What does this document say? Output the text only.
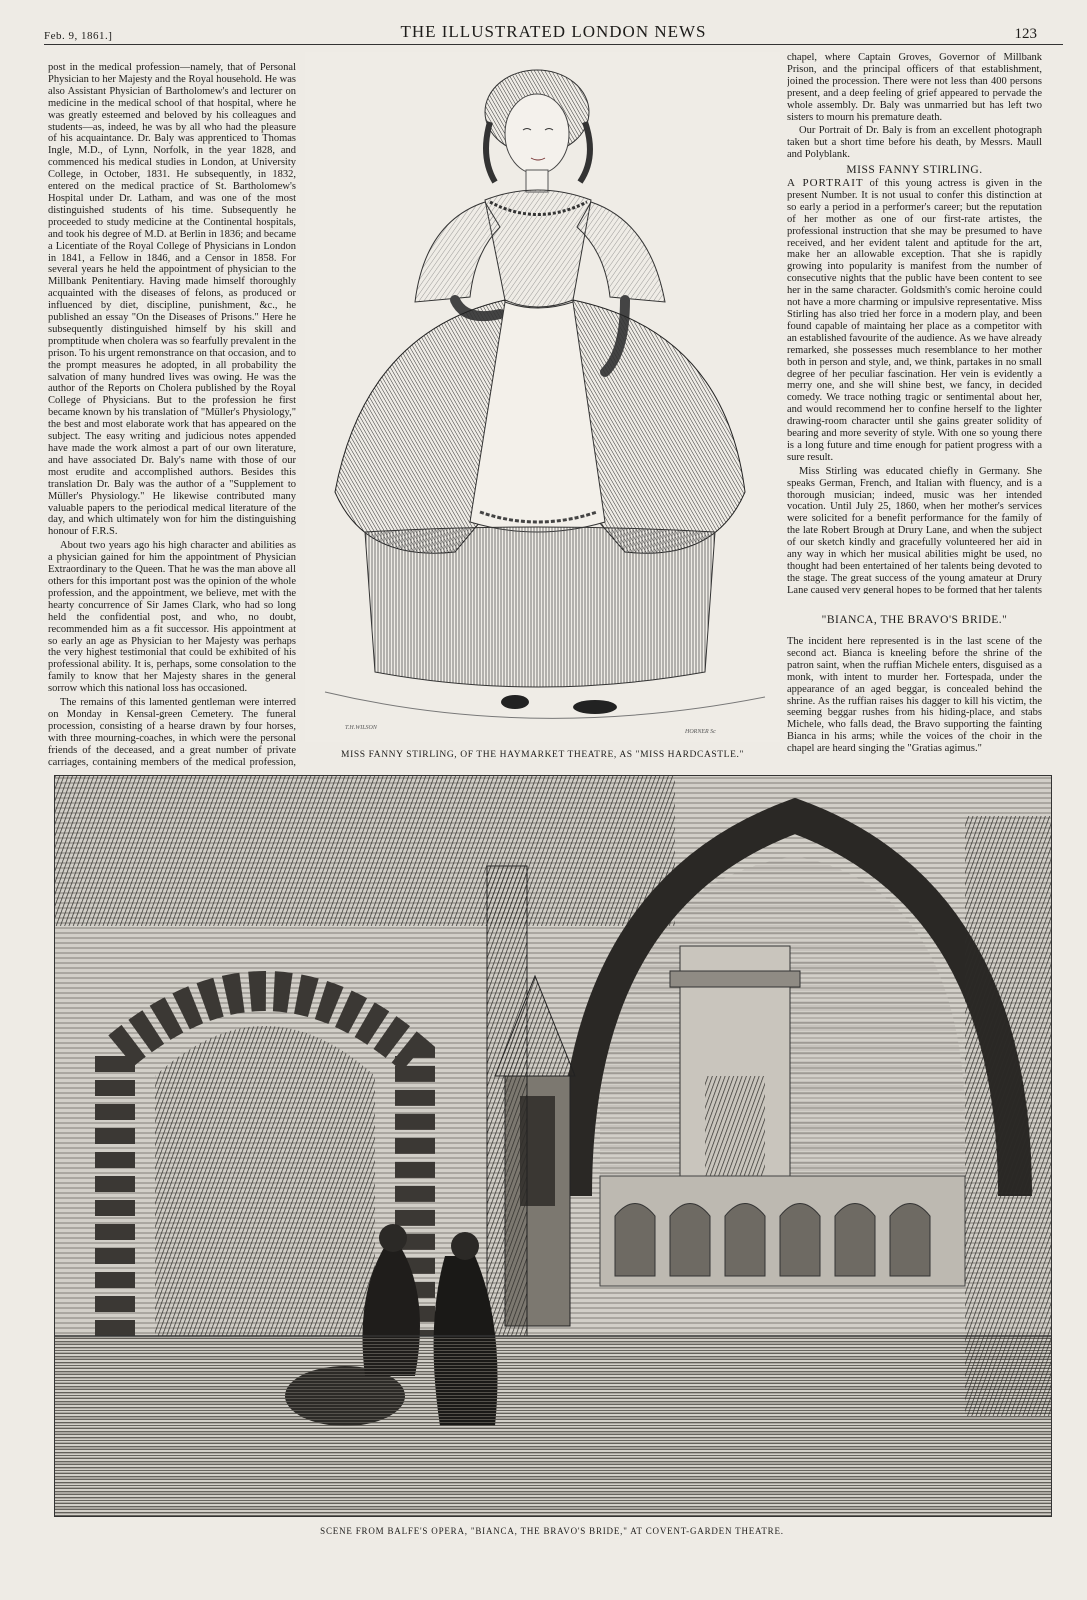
Feb. 9, 1861.]	THE ILLUSTRATED LONDON NEWS	123

post in the medical profession—namely, that of Personal Physician to her Majesty and the Royal household. He was also Assistant Physician of Bartholomew's and lecturer on medicine in the medical school of that hospital, where he was greatly esteemed and beloved by his colleagues and students—as, indeed, he was by all who had the pleasure of his acquaintance. Dr. Baly was apprenticed to Thomas Ingle, M.D., of Lynn, Norfolk, in the year 1828, and commenced his medical studies in London, at University College, in October, 1831. He subsequently, in 1832, entered on the medical practice of St. Bartholomew's Hospital under Dr. Latham, and was one of the most distinguished students of his time. Subsequently he proceeded to study medicine at the Continental hospitals, and took his degree of M.D. at Berlin in 1836; and became a Licentiate of the Royal College of Physicians in London in 1841, a Fellow in 1846, and a Censor in 1858. For several years he held the appointment of physician to the Millbank Penitentiary. Having made himself thoroughly acquainted with the diseases of felons, as produced or influenced by diet, discipline, punishment, &c., he published an essay "On the Diseases of Prisons." Here he subsequently distinguished himself by his skill and promptitude when cholera was so fearfully prevalent in the prison. To his urgent remonstrance on that occasion, and to the prompt measures he adopted, in all probability the salvation of many hundred lives was owing. He was the author of the Reports on Cholera published by the Royal College of Physicians. But to the profession he first became known by his translation of "Müller's Physiology," the best and most elaborate work that has appeared on the subject. The easy writing and judicious notes appended have made the work almost a part of our own literature, and have associated Dr. Baly's name with those of our most erudite and accomplished authors. Besides this translation Dr. Baly was the author of a "Supplement to Müller's Physiology." He likewise contributed many valuable papers to the periodical medical literature of the day, and which ultimately won for him the distinguishing honour of F.R.S.

About two years ago his high character and abilities as a physician gained for him the appointment of Physician Extraordinary to the Queen. That he was the man above all others for this important post was the opinion of the whole profession, and the appointment, we believe, met with the hearty concurrence of Sir James Clark, who had so long held the confidential post, and who, no doubt, recommended him as a fit successor. His appointment at so early an age as Physician to her Majesty was perhaps the very highest testimonial that could be exhibited of his professional ability. It is, perhaps, some consolation to the family to know that her Majesty shares in the general sorrow which this national loss has occasioned.

The remains of this lamented gentleman were interred on Monday in Kensal-green Cemetery. The funeral procession, consisting of a hearse drawn by four horses, with three mourning-coaches, in which were the personal friends of the deceased, and a great number of private carriages, containing members of the medical profession,

T.H.WILSON
HORNER Sc
MISS FANNY STIRLING, OF THE HAYMARKET THEATRE, AS "MISS HARDCASTLE."

chapel, where Captain Groves, Governor of Millbank Prison, and the principal officers of that establishment, joined the procession. There were not less than 400 persons present, and a deep feeling of grief appeared to pervade the whole assembly. Dr. Baly was unmarried but has left two sisters to mourn his premature death.

Our Portrait of Dr. Baly is from an excellent photograph taken but a short time before his death, by Messrs. Maull and Polyblank.

MISS FANNY STIRLING.

A PORTRAIT of this young actress is given in the present Number. It is not usual to confer this distinction at so early a period in a performer's career; but the reputation of her mother as one of our first-rate artistes, the professional instruction that she may be presumed to have received, and her evident talent and aptitude for the art, make her an allowable exception. That she is rapidly growing into popularity is manifest from the number of consecutive nights that the public have been content to see her in the same character. Goldsmith's comic heroine could not have a more charming or impulsive representative. Miss Stirling has also tried her force in a modern play, and been found capable of maintaing her place as a competitor with an established favourite of the audience. As we have already remarked, she possesses much resemblance to her mother both in person and style, and, we think, partakes in no small degree of her peculiar fascination. Her vein is evidently a merry one, and she will shine best, we fancy, in decided comedy. We trace nothing tragic or sentimental about her, and would recommend her to confine herself to the lighter drawing-room character until she gains greater solidity of bearing and more severity of style. With one so young there is a long future and time enough for patient progress with a sure result.

Miss Stirling was educated chiefly in Germany. She speaks German, French, and Italian with fluency, and is a thorough musician; indeed, music was her intended vocation. Until July 25, 1860, when her mother's services were solicited for a benefit performance for the family of the late Robert Brough at Drury Lane, and when the subject of our sketch kindly and gracefully volunteered her aid in any way in which her musical abilities might be used, no thought had been entertained of her talents being devoted to the stage. The great success of the young amateur at Drury Lane caused very general hopes to be formed that her talents

"BIANCA, THE BRAVO'S BRIDE."

The incident here represented is in the last scene of the second act. Bianca is kneeling before the shrine of the patron saint, when the ruffian Michele enters, disguised as a monk, with intent to murder her. Fortespada, under the appearance of an aged beggar, is concealed behind the shrine. As the ruffian raises his dagger to kill his victim, the seeming beggar rushes from his hiding-place, and stabs Michele, who falls dead, the Bravo supporting the fainting Bianca in his arms; while the voices of the choir in the chapel are heard singing the "Gratias agimus."

SCENE FROM BALFE'S OPERA, "BIANCA, THE BRAVO'S BRIDE," AT COVENT-GARDEN THEATRE.
